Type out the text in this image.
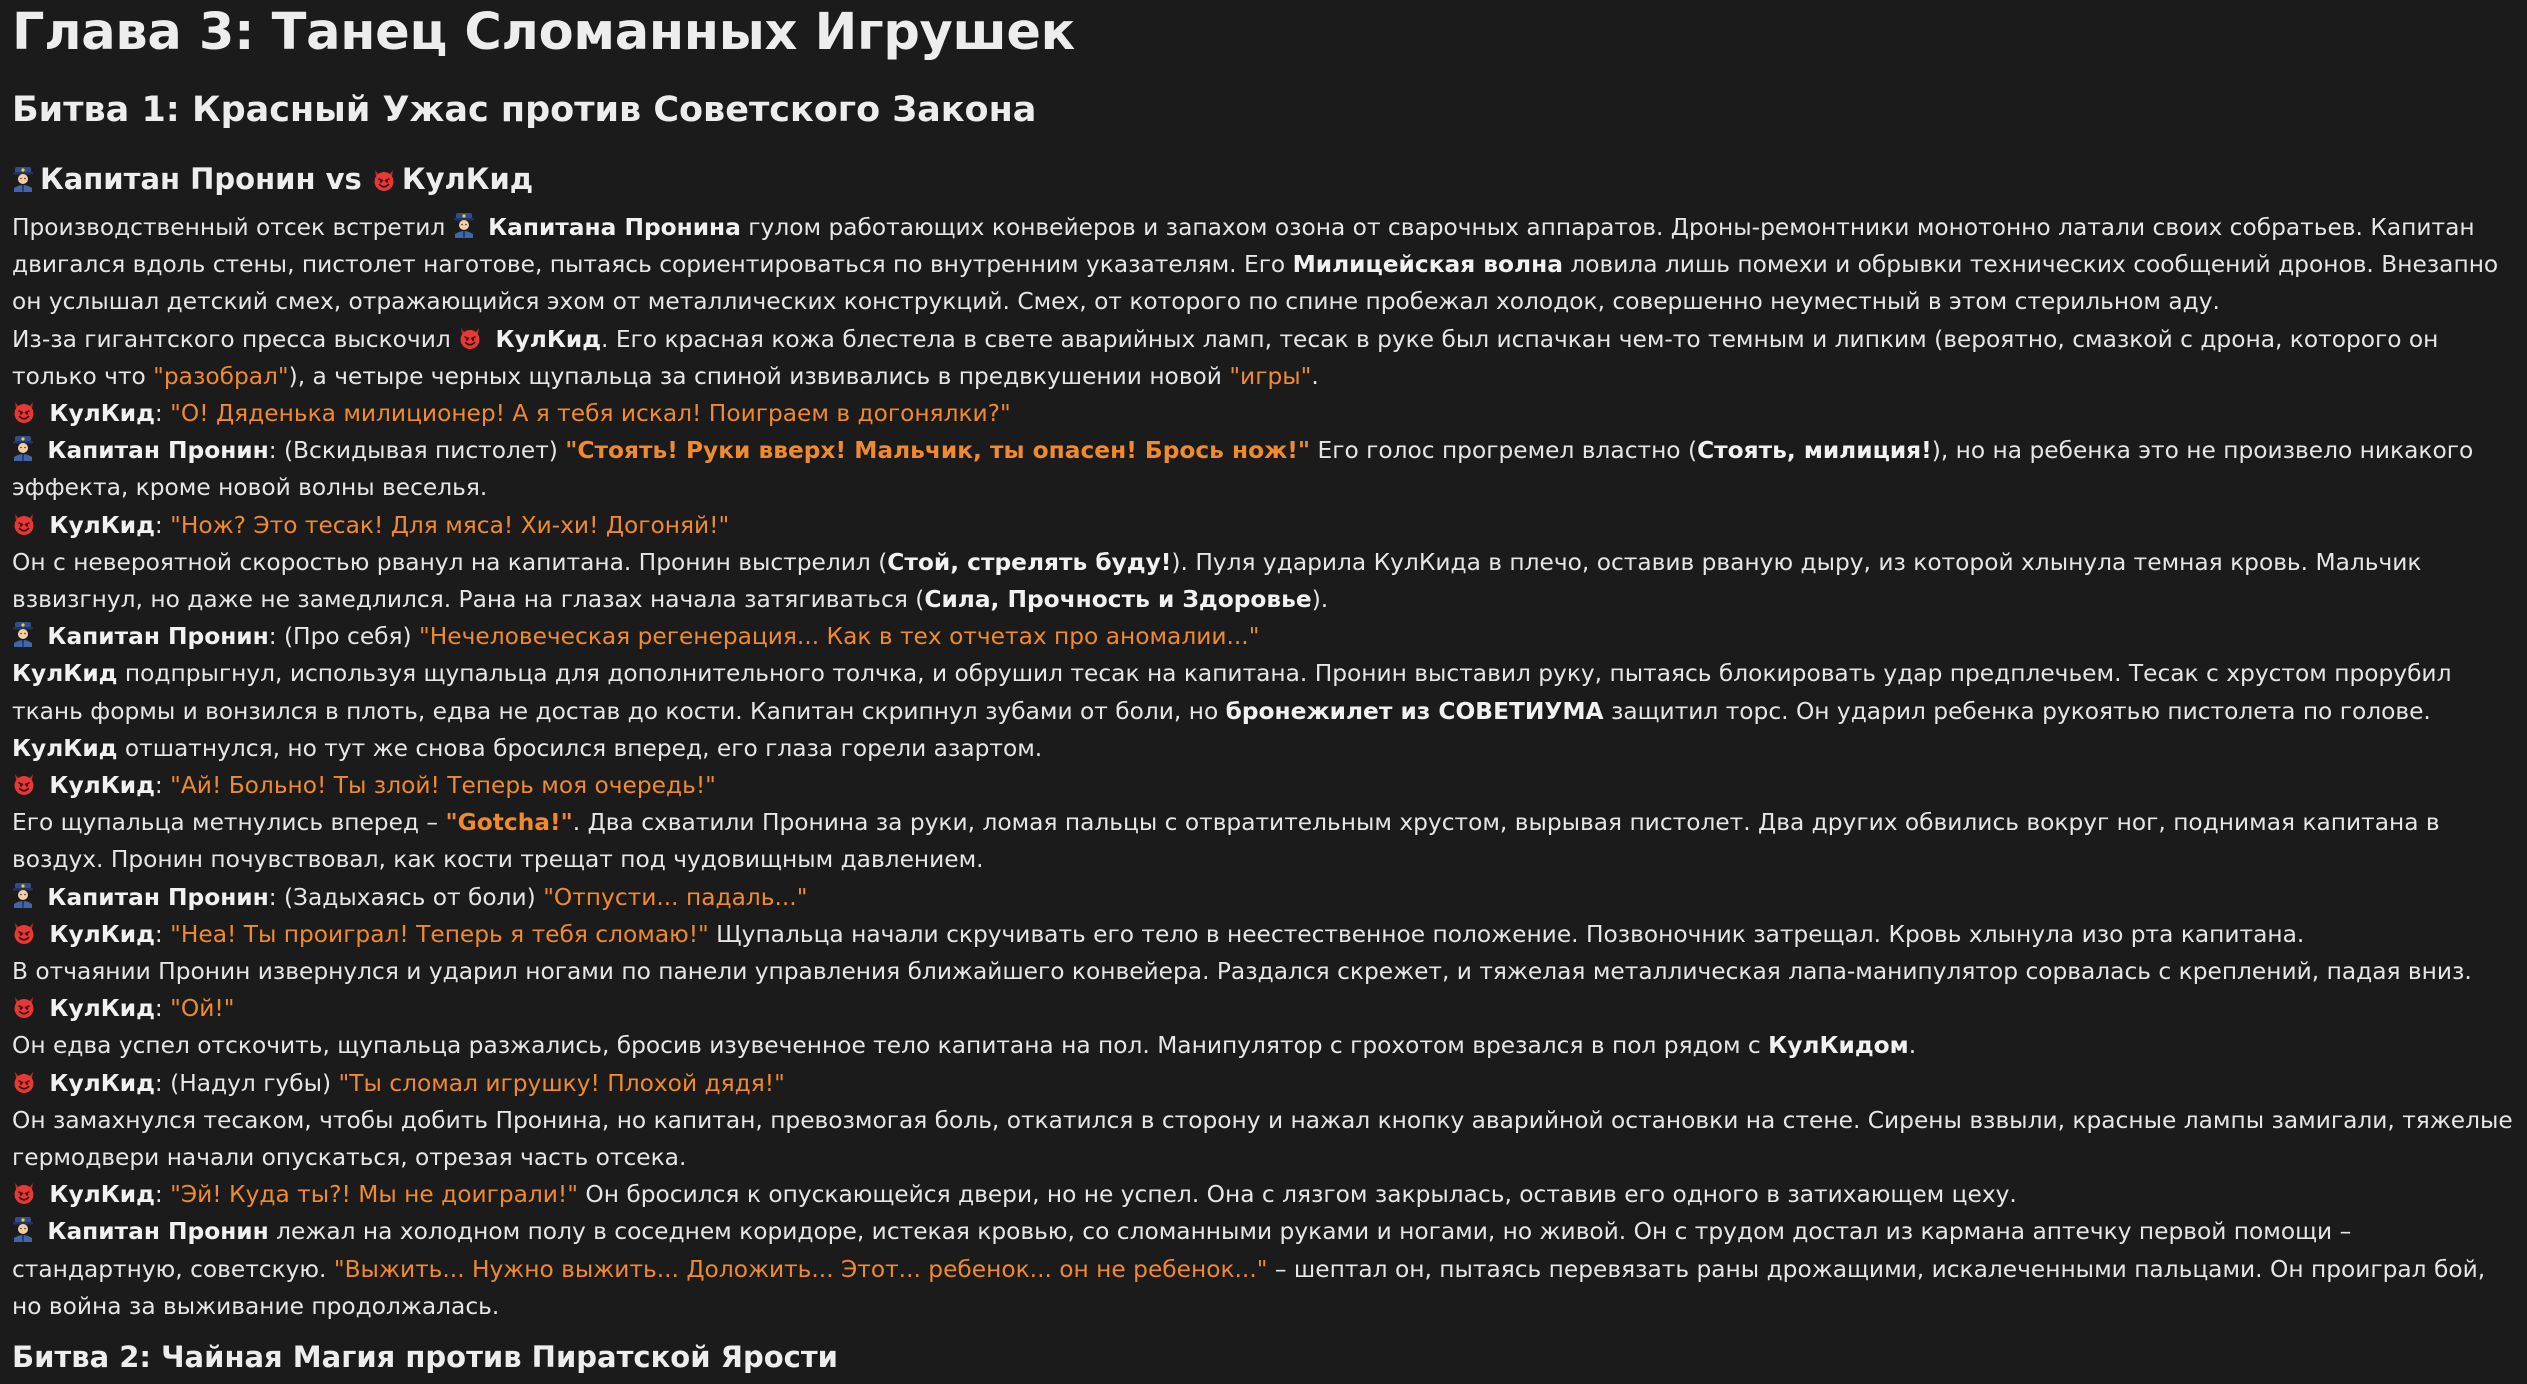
Глава 3: Танец Сломанных Игрушек
Битва 1: Красный Ужас против Советского Закона
Капитан Пронин vs КулКид
Производственный отсек встретил  Капитана Пронина гулом работающих конвейеров и запахом озона от сварочных аппаратов. Дроны-ремонтники монотонно латали своих собратьев. Капитан двигался вдоль стены, пистолет наготове, пытаясь сориентироваться по внутренним указателям. Его Милицейская волна ловила лишь помехи и обрывки технических сообщений дронов. Внезапно он услышал детский смех, отражающийся эхом от металлических конструкций. Смех, от которого по спине пробежал холодок, совершенно неуместный в этом стерильном аду.
Из-за гигантского пресса выскочил  КулКид. Его красная кожа блестела в свете аварийных ламп, тесак в руке был испачкан чем-то темным и липким (вероятно, смазкой с дрона, которого он только что "разобрал"), а четыре черных щупальца за спиной извивались в предвкушении новой "игры".
КулКид: "О! Дяденька милиционер! А я тебя искал! Поиграем в догонялки?"
Капитан Пронин: (Вскидывая пистолет) "Стоять! Руки вверх! Мальчик, ты опасен! Брось нож!" Его голос прогремел властно (Стоять, милиция!), но на ребенка это не произвело никакого эффекта, кроме новой волны веселья.
КулКид: "Нож? Это тесак! Для мяса! Хи-хи! Догоняй!"
Он с невероятной скоростью рванул на капитана. Пронин выстрелил (Стой, стрелять буду!). Пуля ударила КулКида в плечо, оставив рваную дыру, из которой хлынула темная кровь. Мальчик взвизгнул, но даже не замедлился. Рана на глазах начала затягиваться (Сила, Прочность и Здоровье).
Капитан Пронин: (Про себя) "Нечеловеческая регенерация... Как в тех отчетах про аномалии..."
КулКид подпрыгнул, используя щупальца для дополнительного толчка, и обрушил тесак на капитана. Пронин выставил руку, пытаясь блокировать удар предплечьем. Тесак с хрустом прорубил ткань формы и вонзился в плоть, едва не достав до кости. Капитан скрипнул зубами от боли, но бронежилет из СОВЕТИУМА защитил торс. Он ударил ребенка рукоятью пистолета по голове. КулКид отшатнулся, но тут же снова бросился вперед, его глаза горели азартом.
КулКид: "Ай! Больно! Ты злой! Теперь моя очередь!"
Его щупальца метнулись вперед – "Gotcha!". Два схватили Пронина за руки, ломая пальцы с отвратительным хрустом, вырывая пистолет. Два других обвились вокруг ног, поднимая капитана в воздух. Пронин почувствовал, как кости трещат под чудовищным давлением.
Капитан Пронин: (Задыхаясь от боли) "Отпусти... падаль..."
КулКид: "Неа! Ты проиграл! Теперь я тебя сломаю!" Щупальца начали скручивать его тело в неестественное положение. Позвоночник затрещал. Кровь хлынула изо рта капитана.
В отчаянии Пронин извернулся и ударил ногами по панели управления ближайшего конвейера. Раздался скрежет, и тяжелая металлическая лапа-манипулятор сорвалась с креплений, падая вниз.
КулКид: "Ой!"
Он едва успел отскочить, щупальца разжались, бросив изувеченное тело капитана на пол. Манипулятор с грохотом врезался в пол рядом с КулКидом.
КулКид: (Надул губы) "Ты сломал игрушку! Плохой дядя!"
Он замахнулся тесаком, чтобы добить Пронина, но капитан, превозмогая боль, откатился в сторону и нажал кнопку аварийной остановки на стене. Сирены взвыли, красные лампы замигали, тяжелые гермодвери начали опускаться, отрезая часть отсека.
КулКид: "Эй! Куда ты?! Мы не доиграли!" Он бросился к опускающейся двери, но не успел. Она с лязгом закрылась, оставив его одного в затихающем цеху.
Капитан Пронин лежал на холодном полу в соседнем коридоре, истекая кровью, со сломанными руками и ногами, но живой. Он с трудом достал из кармана аптечку первой помощи – стандартную, советскую. "Выжить... Нужно выжить... Доложить... Этот... ребенок... он не ребенок..." – шептал он, пытаясь перевязать раны дрожащими, искалеченными пальцами. Он проиграл бой, но война за выживание продолжалась.
Битва 2: Чайная Магия против Пиратской Ярости
